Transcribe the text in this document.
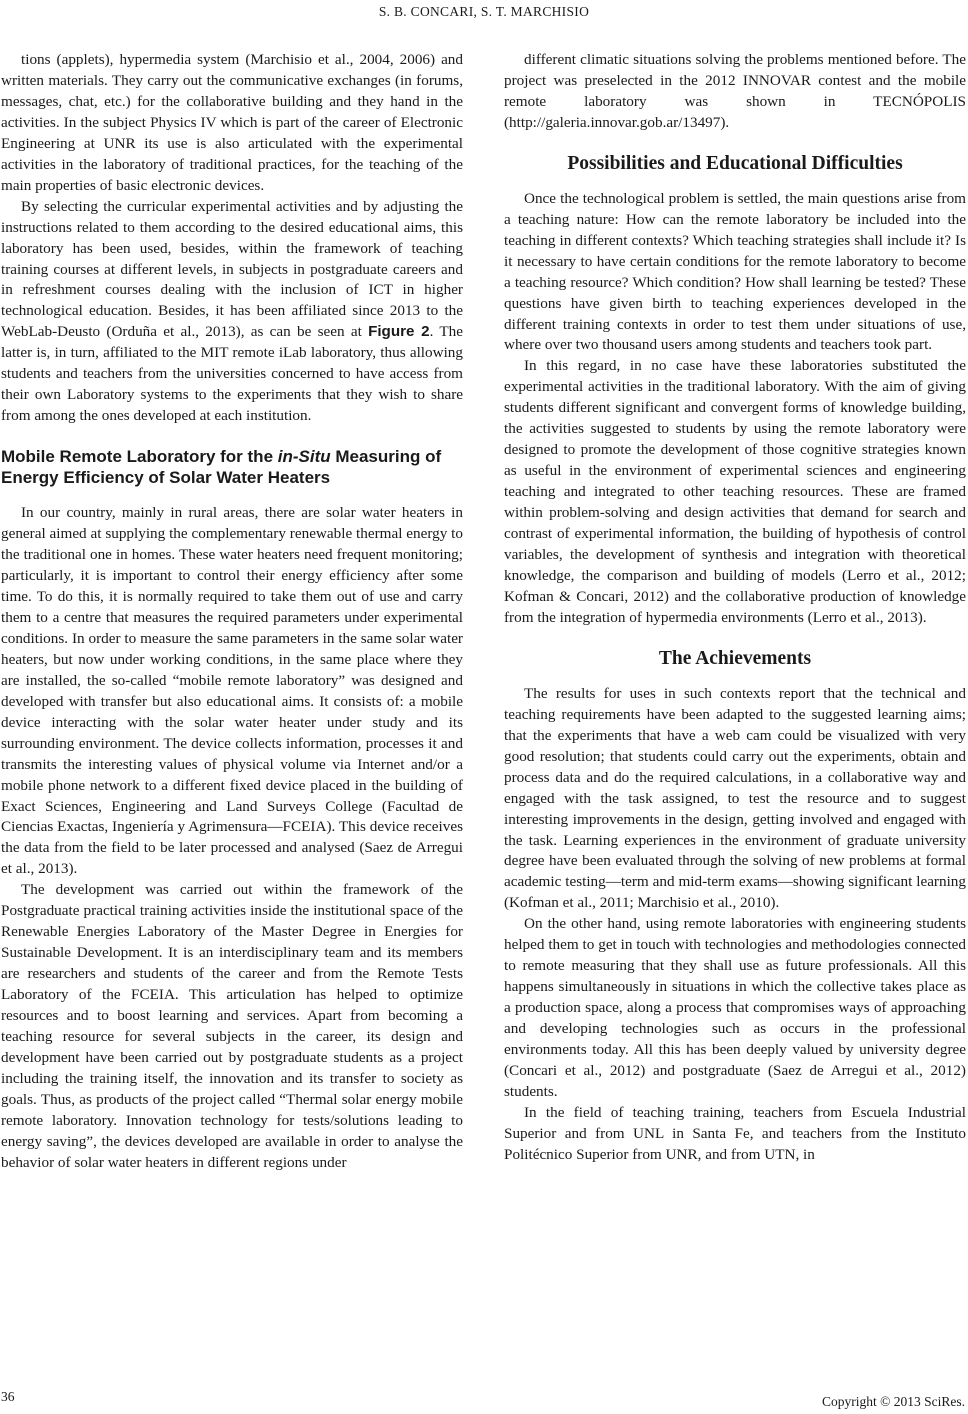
S. B. CONCARI, S. T. MARCHISIO

tions (applets), hypermedia system (Marchisio et al., 2004, 2006) and written materials. They carry out the communicative exchanges (in forums, messages, chat, etc.) for the collaborative building and they hand in the activities. In the subject Physics IV which is part of the career of Electronic Engineering at UNR its use is also articulated with the experimental activities in the laboratory of traditional practices, for the teaching of the main properties of basic electronic devices.

By selecting the curricular experimental activities and by adjusting the instructions related to them according to the desired educational aims, this laboratory has been used, besides, within the framework of teaching training courses at different levels, in subjects in postgraduate careers and in refreshment courses dealing with the inclusion of ICT in higher technological education. Besides, it has been affiliated since 2013 to the WebLab-Deusto (Orduña et al., 2013), as can be seen at Figure 2. The latter is, in turn, affiliated to the MIT remote iLab laboratory, thus allowing students and teachers from the universities concerned to have access from their own Laboratory systems to the experiments that they wish to share from among the ones developed at each institution.

Mobile Remote Laboratory for the in-Situ Measuring of Energy Efficiency of Solar Water Heaters

In our country, mainly in rural areas, there are solar water heaters in general aimed at supplying the complementary renewable thermal energy to the traditional one in homes. These water heaters need frequent monitoring; particularly, it is important to control their energy efficiency after some time. To do this, it is normally required to take them out of use and carry them to a centre that measures the required parameters under experimental conditions. In order to measure the same parameters in the same solar water heaters, but now under working conditions, in the same place where they are installed, the so-called “mobile remote laboratory” was designed and developed with transfer but also educational aims. It consists of: a mobile device interacting with the solar water heater under study and its surrounding environment. The device collects information, processes it and transmits the interesting values of physical volume via Internet and/or a mobile phone network to a different fixed device placed in the building of Exact Sciences, Engineering and Land Surveys College (Facultad de Ciencias Exactas, Ingeniería y Agrimensura—FCEIA). This device receives the data from the field to be later processed and analysed (Saez de Arregui et al., 2013).

The development was carried out within the framework of the Postgraduate practical training activities inside the institutional space of the Renewable Energies Laboratory of the Master Degree in Energies for Sustainable Development. It is an interdisciplinary team and its members are researchers and students of the career and from the Remote Tests Laboratory of the FCEIA. This articulation has helped to optimize resources and to boost learning and services. Apart from becoming a teaching resource for several subjects in the career, its design and development have been carried out by postgraduate students as a project including the training itself, the innovation and its transfer to society as goals. Thus, as products of the project called “Thermal solar energy mobile remote laboratory. Innovation technology for tests/solutions leading to energy saving”, the devices developed are available in order to analyse the behavior of solar water heaters in different regions under

different climatic situations solving the problems mentioned before. The project was preselected in the 2012 INNOVAR contest and the mobile remote laboratory was shown in TECNÓPOLIS (http://galeria.innovar.gob.ar/13497).

Possibilities and Educational Difficulties

Once the technological problem is settled, the main questions arise from a teaching nature: How can the remote laboratory be included into the teaching in different contexts? Which teaching strategies shall include it? Is it necessary to have certain conditions for the remote laboratory to become a teaching resource? Which condition? How shall learning be tested? These questions have given birth to teaching experiences developed in the different training contexts in order to test them under situations of use, where over two thousand users among students and teachers took part.

In this regard, in no case have these laboratories substituted the experimental activities in the traditional laboratory. With the aim of giving students different significant and convergent forms of knowledge building, the activities suggested to students by using the remote laboratory were designed to promote the development of those cognitive strategies known as useful in the environment of experimental sciences and engineering teaching and integrated to other teaching resources. These are framed within problem-solving and design activities that demand for search and contrast of experimental information, the building of hypothesis of control variables, the development of synthesis and integration with theoretical knowledge, the comparison and building of models (Lerro et al., 2012; Kofman & Concari, 2012) and the collaborative production of knowledge from the integration of hypermedia environments (Lerro et al., 2013).

The Achievements

The results for uses in such contexts report that the technical and teaching requirements have been adapted to the suggested learning aims; that the experiments that have a web cam could be visualized with very good resolution; that students could carry out the experiments, obtain and process data and do the required calculations, in a collaborative way and engaged with the task assigned, to test the resource and to suggest interesting improvements in the design, getting involved and engaged with the task. Learning experiences in the environment of graduate university degree have been evaluated through the solving of new problems at formal academic testing—term and mid-term exams—showing significant learning (Kofman et al., 2011; Marchisio et al., 2010).

On the other hand, using remote laboratories with engineering students helped them to get in touch with technologies and methodologies connected to remote measuring that they shall use as future professionals. All this happens simultaneously in situations in which the collective takes place as a production space, along a process that compromises ways of approaching and developing technologies such as occurs in the professional environments today. All this has been deeply valued by university degree (Concari et al., 2012) and postgraduate (Saez de Arregui et al., 2012) students.

In the field of teaching training, teachers from Escuela Industrial Superior and from UNL in Santa Fe, and teachers from the Instituto Politécnico Superior from UNR, and from UTN, in

36	Copyright © 2013 SciRes.
